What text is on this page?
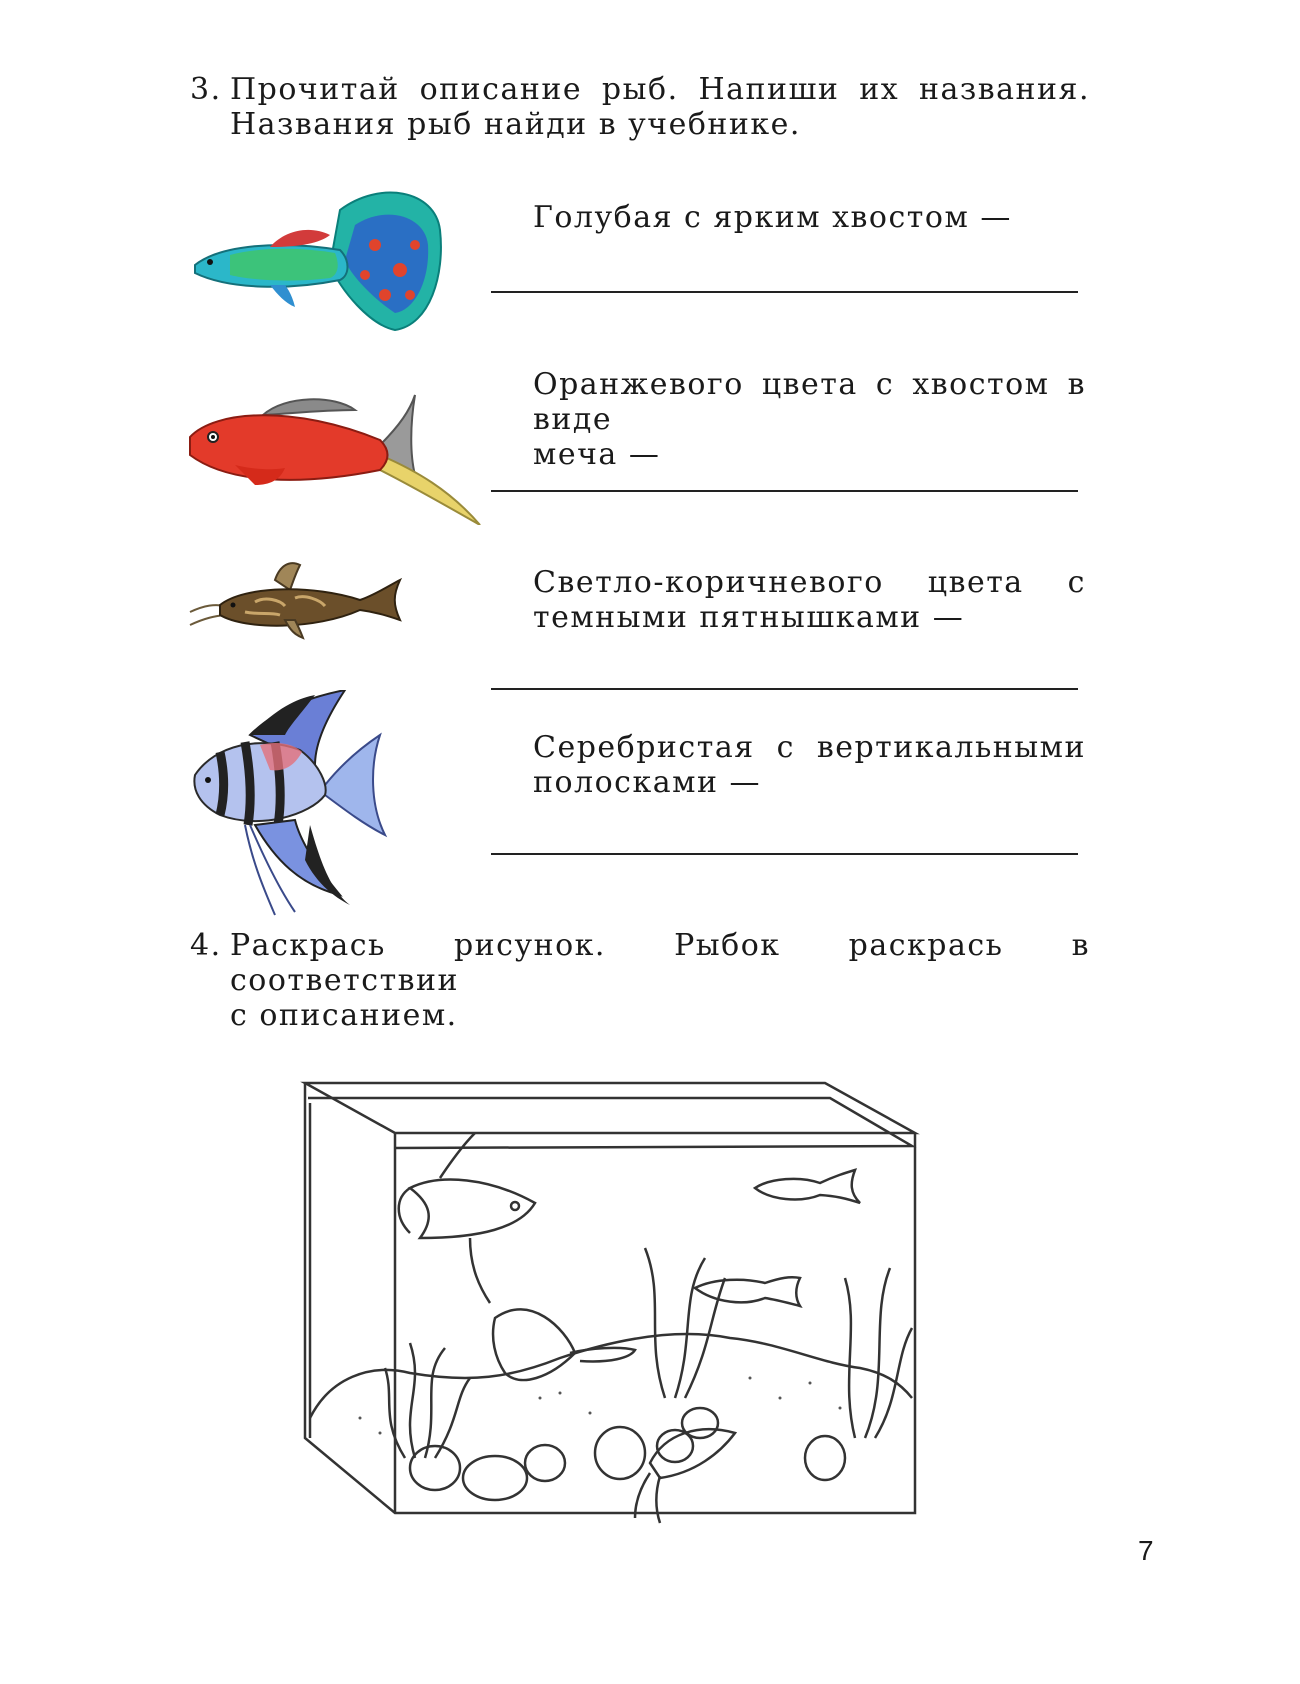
3. Прочитай описание рыб. Напиши их названия.
Названия рыб найди в учебнике.
Голубая с ярким хвостом —
Оранжевого цвета с хвостом в виде
меча —
Светло-коричневого цвета с
темными пятнышками —
Серебристая с вертикальными
полосками —
4. Раскрась рисунок. Рыбок раскрась в соответствии
с описанием.
7
